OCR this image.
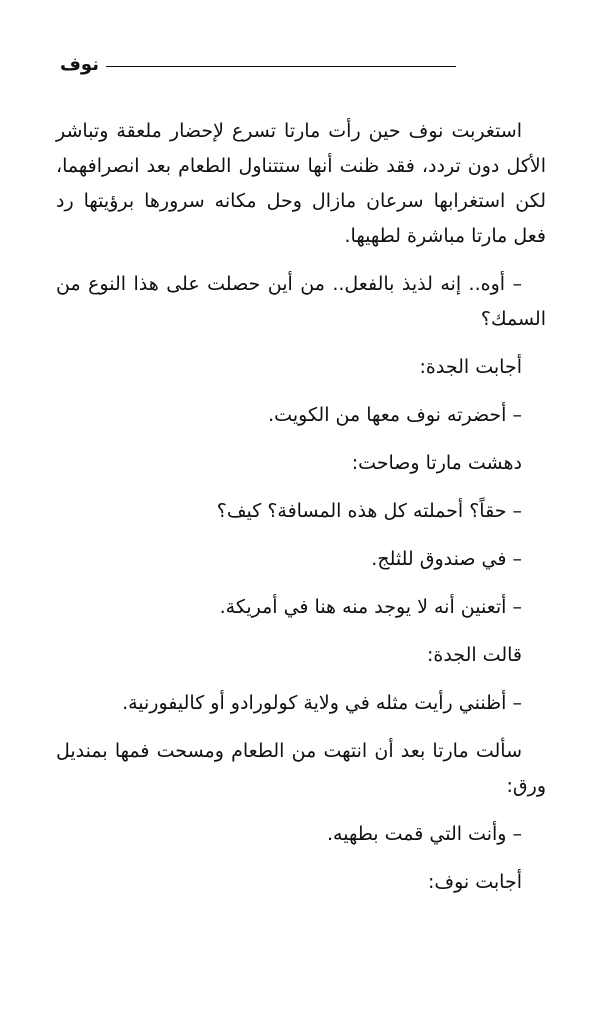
نوف

استغربت نوف حين رأت مارتا تسرع لإحضار ملعقة وتباشر الأكل دون تردد، فقد ظنت أنها ستتناول الطعام بعد انصرافهما، لكن استغرابها سرعان مازال وحل مكانه سرورها برؤيتها رد فعل مارتا مباشرة لطهيها.

– أوه.. إنه لذيذ بالفعل.. من أين حصلت على هذا النوع من السمك؟

أجابت الجدة:

– أحضرته نوف معها من الكويت.

دهشت مارتا وصاحت:

– حقاً؟ أحملته كل هذه المسافة؟ كيف؟

– في صندوق للثلج.

– أتعنين أنه لا يوجد منه هنا في أمريكة.

قالت الجدة:

– أظنني رأيت مثله في ولاية كولورادو أو كاليفورنية.

سألت مارتا بعد أن انتهت من الطعام ومسحت فمها بمنديل ورق:

– وأنت التي قمت بطهيه.

أجابت نوف:
